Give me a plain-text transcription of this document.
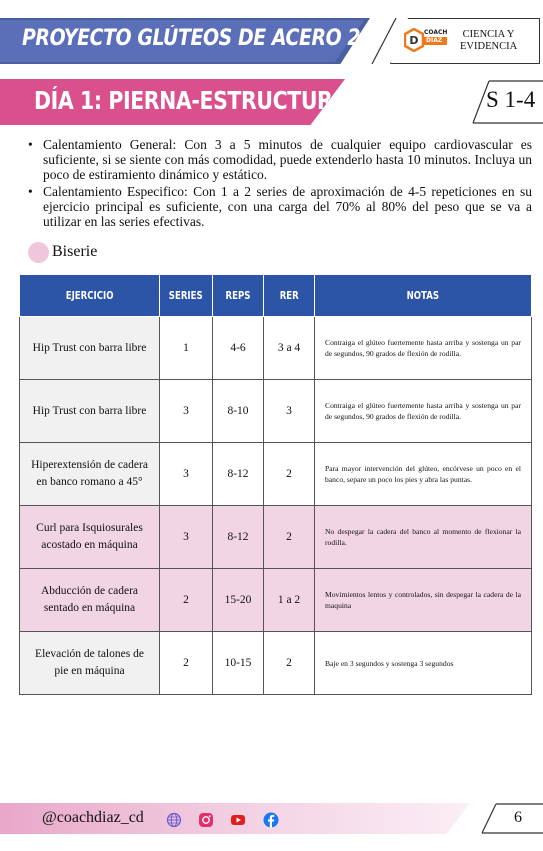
PROYECTO GLÚTEOS DE ACERO 2.0	D
COACH
DIAZ
CIENCIA Y
EVIDENCIA
DÍA 1: PIERNA-ESTRUCTURA A	S 1-4
• Calentamiento General: Con 3 a 5 minutos de cualquier equipo cardiovascular es suficiente, si se siente con más comodidad, puede extenderlo hasta 10 minutos. Incluya un poco de estiramiento dinámico y estático.
• Calentamiento Especifico: Con 1 a 2 series de aproximación de 4-5 repeticiones en su ejercicio principal es suficiente, con una carga del 70% al 80% del peso que se va a utilizar en las series efectivas.
Biserie
EJERCICIO	SERIES	REPS	RER	NOTAS
Hip Trust con barra libre	1	4-6	3 a 4	Contraiga el glúteo fuertemente hasta arriba y sostenga un par de segundos, 90 grados de flexión de rodilla.
Hip Trust con barra libre	3	8-10	3	Contraiga el glúteo fuertemente hasta arriba y sostenga un par de segundos, 90 grados de flexión de rodilla.
Hiperextensión de cadera en banco romano a 45°	3	8-12	2	Para mayor intervención del glúteo, encórvese un poco en el banco, separe un poco los pies y abra las puntas.
Curl para Isquiosurales acostado en máquina	3	8-12	2	No despegar la cadera del banco al momento de flexionar la rodilla.
Abducción de cadera sentado en máquina	2	15-20	1 a 2	Movimientos lentos y controlados, sin despegar la cadera de la maquina
Elevación de talones de pie en máquina	2	10-15	2	Baje en 3 segundos y sostenga 3 segundos
@coachdiaz_cd	6
